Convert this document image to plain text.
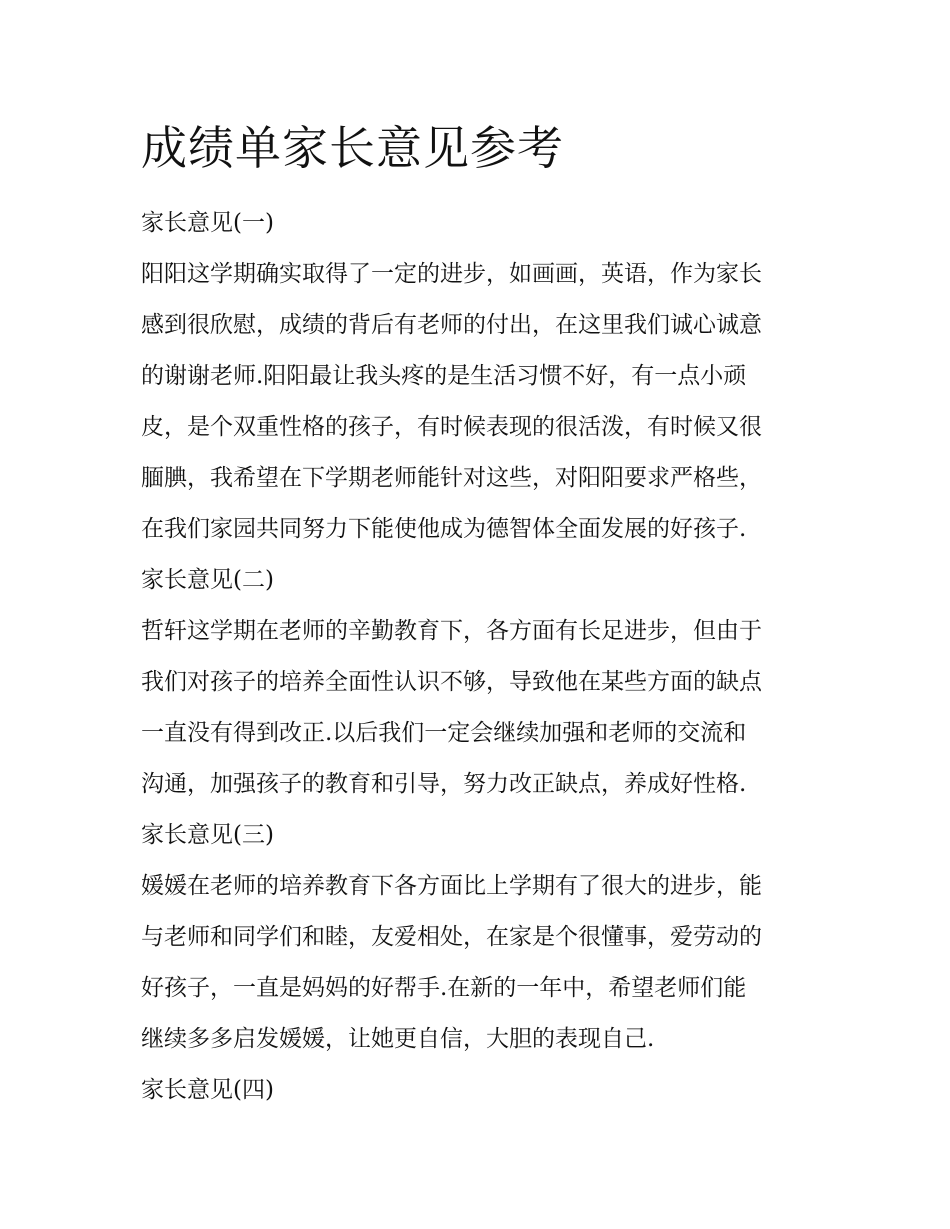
成绩单家长意见参考

家长意见(一)

阳阳这学期确实取得了一定的进步，如画画，英语，作为家长

感到很欣慰，成绩的背后有老师的付出，在这里我们诚心诚意

的谢谢老师.阳阳最让我头疼的是生活习惯不好，有一点小顽

皮，是个双重性格的孩子，有时候表现的很活泼，有时候又很

腼腆，我希望在下学期老师能针对这些，对阳阳要求严格些，

在我们家园共同努力下能使他成为德智体全面发展的好孩子.

家长意见(二)

哲轩这学期在老师的辛勤教育下，各方面有长足进步，但由于

我们对孩子的培养全面性认识不够，导致他在某些方面的缺点

一直没有得到改正.以后我们一定会继续加强和老师的交流和

沟通，加强孩子的教育和引导，努力改正缺点，养成好性格.

家长意见(三)

媛媛在老师的培养教育下各方面比上学期有了很大的进步，能

与老师和同学们和睦，友爱相处，在家是个很懂事，爱劳动的

好孩子，一直是妈妈的好帮手.在新的一年中，希望老师们能

继续多多启发媛媛，让她更自信，大胆的表现自己.

家长意见(四)
